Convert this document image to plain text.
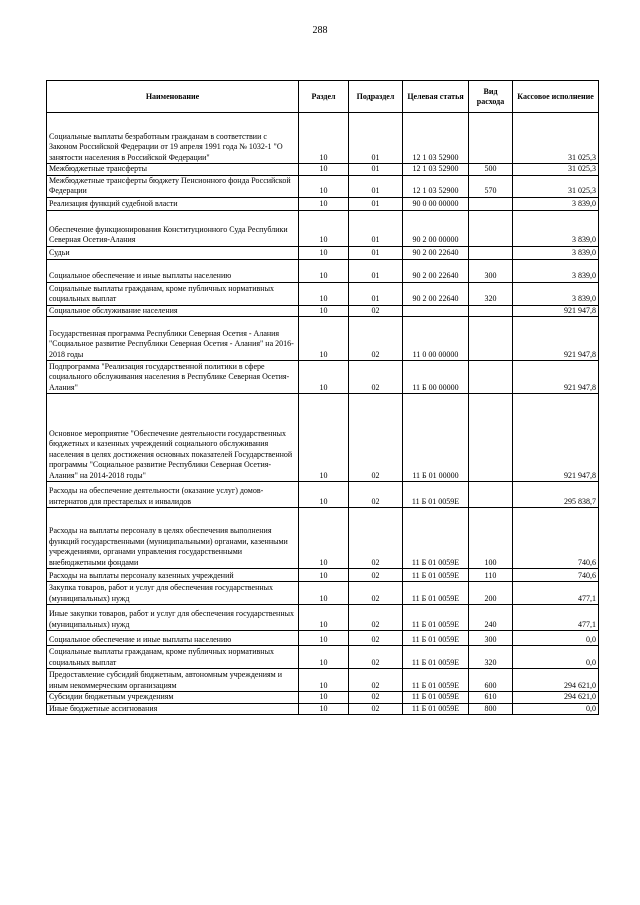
288
Наименование	Раздел	Подраздел	Целевая статья	Вид расхода	Кассовое исполнение
Социальные выплаты безработным гражданам в соответствии с Законом Российской Федерации от 19 апреля 1991 года № 1032-1 "О занятости населения в Российской Федерации"	10	01	12 1 03 52900		31 025,3
Межбюджетные трансферты	10	01	12 1 03 52900	500	31 025,3
Межбюджетные трансферты бюджету Пенсионного фонда Российской Федерации	10	01	12 1 03 52900	570	31 025,3
Реализация функций судебной власти	10	01	90 0 00 00000		3 839,0
Обеспечение функционирования Конституционного Суда Республики Северная Осетия-Алания	10	01	90 2 00 00000		3 839,0
Судьи	10	01	90 2 00 22640		3 839,0
Социальное обеспечение и иные выплаты населению	10	01	90 2 00 22640	300	3 839,0
Социальные выплаты гражданам, кроме публичных нормативных социальных выплат	10	01	90 2 00 22640	320	3 839,0
Социальное обслуживание населения	10	02			921 947,8
Государственная программа Республики Северная Осетия - Алания "Социальное развитие Республики Северная Осетия - Алания" на 2016-2018 годы	10	02	11 0 00 00000		921 947,8
Подпрограмма "Реализация государственной политики в сфере социального обслуживания населения в Республике Северная Осетия-Алания"	10	02	11 Б 00 00000		921 947,8
Основное мероприятие "Обеспечение деятельности государственных бюджетных и казенных учреждений социального обслуживания населения в целях достижения основных показателей Государственной программы "Социальное развитие Республики Северная Осетия-Алания" на 2014-2018 годы"	10	02	11 Б 01 00000		921 947,8
Расходы на обеспечение деятельности (оказание услуг) домов-интернатов для престарелых и инвалидов	10	02	11 Б 01 0059Е		295 838,7
Расходы на выплаты персоналу в целях обеспечения выполнения функций государственными (муниципальными) органами, казенными учреждениями, органами управления государственными внебюджетными фондами	10	02	11 Б 01 0059Е	100	740,6
Расходы на выплаты персоналу казенных учреждений	10	02	11 Б 01 0059Е	110	740,6
Закупка товаров, работ и услуг для обеспечения государственных (муниципальных) нужд	10	02	11 Б 01 0059Е	200	477,1
Иные закупки товаров, работ и услуг для обеспечения государственных (муниципальных) нужд	10	02	11 Б 01 0059Е	240	477,1
Социальное обеспечение и иные выплаты населению	10	02	11 Б 01 0059Е	300	0,0
Социальные выплаты гражданам, кроме публичных нормативных социальных выплат	10	02	11 Б 01 0059Е	320	0,0
Предоставление субсидий бюджетным, автономным учреждениям и иным некоммерческим организациям	10	02	11 Б 01 0059Е	600	294 621,0
Субсидии бюджетным учреждениям	10	02	11 Б 01 0059Е	610	294 621,0
Иные бюджетные ассигнования	10	02	11 Б 01 0059Е	800	0,0
